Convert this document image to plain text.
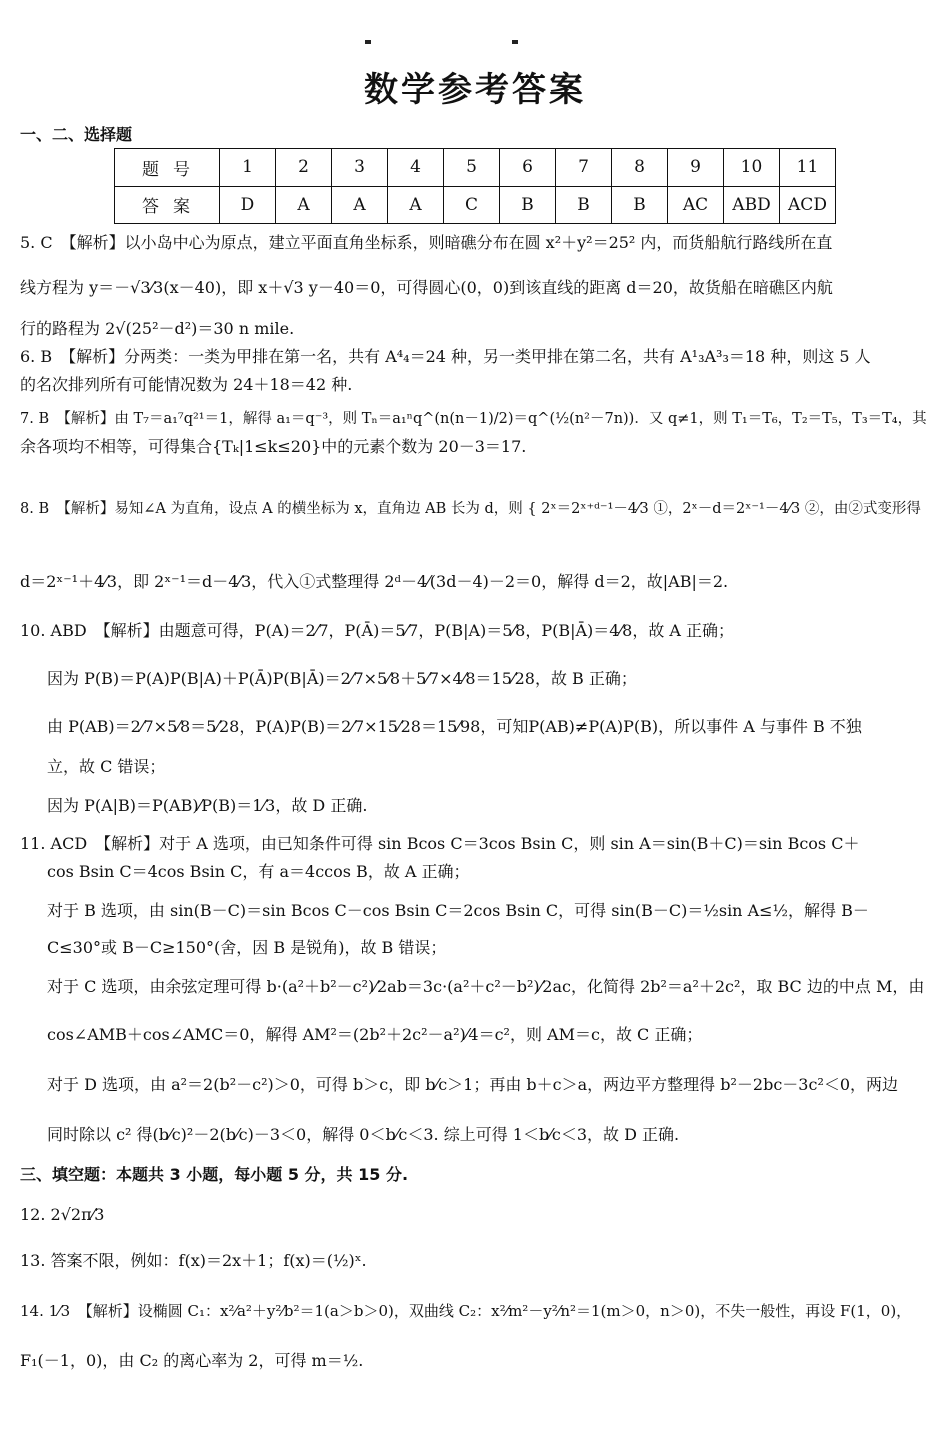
数学参考答案
一、二、选择题
题号	1	2	3	4	5	6	7	8	9	10	11
答案	D	A	A	A	C	B	B	B	AC	ABD	ACD
5. C　【解析】以小岛中心为原点，建立平面直角坐标系，则暗礁分布在圆 x²＋y²＝25² 内，而货船航行路线所在直
线方程为 y＝－√3⁄3(x－40)，即 x＋√3 y－40＝0，可得圆心(0，0)到该直线的距离 d＝20，故货船在暗礁区内航
行的路程为 2√(25²－d²)＝30 n mile.
6. B　【解析】分两类：一类为甲排在第一名，共有 A⁴₄＝24 种，另一类甲排在第二名，共有 A¹₃A³₃＝18 种，则这 5 人
的名次排列所有可能情况数为 24＋18＝42 种.
7. B　【解析】由 T₇＝a₁⁷q²¹＝1，解得 a₁＝q⁻³，则 Tₙ＝a₁ⁿq^(n(n－1)/2)＝q^(½(n²－7n))．又 q≠1，则 T₁＝T₆，T₂＝T₅，T₃＝T₄，其
余各项均不相等，可得集合{Tₖ|1≤k≤20}中的元素个数为 20－3＝17.
8. B　【解析】易知∠A 为直角，设点 A 的横坐标为 x，直角边 AB 长为 d，则 { 2ˣ＝2ˣ⁺ᵈ⁻¹－4⁄3 ①，2ˣ－d＝2ˣ⁻¹－4⁄3 ②，由②式变形得
d＝2ˣ⁻¹＋4⁄3，即 2ˣ⁻¹＝d－4⁄3，代入①式整理得 2ᵈ－4⁄(3d－4)－2＝0，解得 d＝2，故|AB|＝2.
10. ABD　【解析】由题意可得，P(A)＝2⁄7，P(Ā)＝5⁄7，P(B|A)＝5⁄8，P(B|Ā)＝4⁄8，故 A 正确；
因为 P(B)＝P(A)P(B|A)＋P(Ā)P(B|Ā)＝2⁄7×5⁄8＋5⁄7×4⁄8＝15⁄28，故 B 正确；
由 P(AB)＝2⁄7×5⁄8＝5⁄28，P(A)P(B)＝2⁄7×15⁄28＝15⁄98，可知P(AB)≠P(A)P(B)，所以事件 A 与事件 B 不独
立，故 C 错误；
因为 P(A|B)＝P(AB)⁄P(B)＝1⁄3，故 D 正确.
11. ACD　【解析】对于 A 选项，由已知条件可得 sin Bcos C＝3cos Bsin C，则 sin A＝sin(B＋C)＝sin Bcos C＋
cos Bsin C＝4cos Bsin C，有 a＝4ccos B，故 A 正确；
对于 B 选项，由 sin(B－C)＝sin Bcos C－cos Bsin C＝2cos Bsin C，可得 sin(B－C)＝½sin A≤½，解得 B－
C≤30°或 B－C≥150°(舍，因 B 是锐角)，故 B 错误；
对于 C 选项，由余弦定理可得 b·(a²＋b²－c²)⁄2ab＝3c·(a²＋c²－b²)⁄2ac，化简得 2b²＝a²＋2c²，取 BC 边的中点 M，由
cos∠AMB＋cos∠AMC＝0，解得 AM²＝(2b²＋2c²－a²)⁄4＝c²，则 AM＝c，故 C 正确；
对于 D 选项，由 a²＝2(b²－c²)＞0，可得 b＞c，即 b⁄c＞1；再由 b＋c＞a，两边平方整理得 b²－2bc－3c²＜0，两边
同时除以 c² 得(b⁄c)²－2(b⁄c)－3＜0，解得 0＜b⁄c＜3. 综上可得 1＜b⁄c＜3，故 D 正确.
三、填空题：本题共 3 小题，每小题 5 分，共 15 分.
12. 2√2π⁄3
13. 答案不限，例如：f(x)＝2x＋1；f(x)＝(½)ˣ.
14. 1⁄3　【解析】设椭圆 C₁：x²⁄a²＋y²⁄b²＝1(a＞b＞0)，双曲线 C₂：x²⁄m²－y²⁄n²＝1(m＞0，n＞0)，不失一般性，再设 F(1，0)，
F₁(－1，0)，由 C₂ 的离心率为 2，可得 m＝½.
